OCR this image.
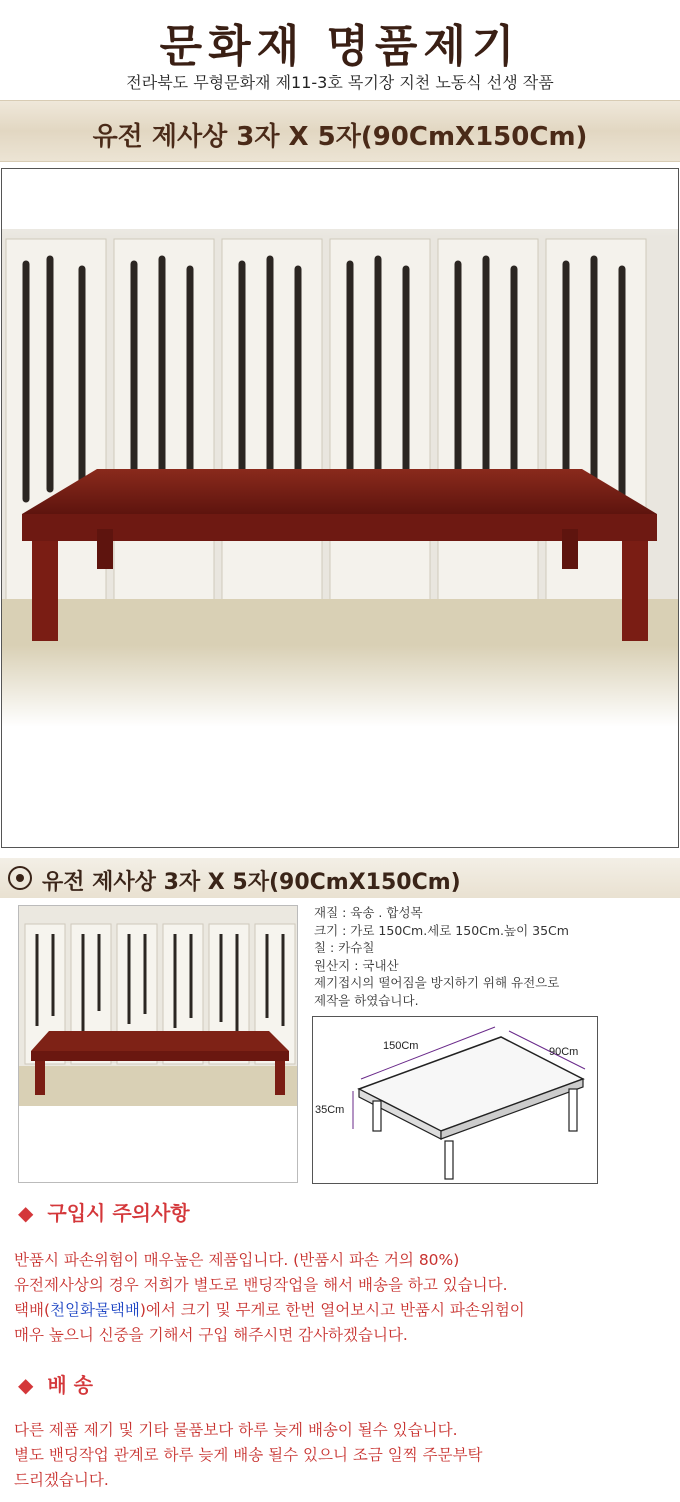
문화재 명품제기
전라북도 무형문화재 제11-3호 목기장 지천 노동식 선생 작품
유전 제사상 3자 X 5자(90CmX150Cm)
유전 제사상 3자 X 5자(90CmX150Cm)
재질 : 육송 . 합성목
크기 : 가로 150Cm.세로 150Cm.높이 35Cm
칠 : 카슈칠
원산지 : 국내산
제기접시의 떨어짐을 방지하기 위해 유전으로
제작을 하였습니다.
150Cm	90Cm
35Cm
◆ 구입시 주의사항
반품시 파손위험이 매우높은 제품입니다. (반품시 파손 거의 80%)
유전제사상의 경우 저희가 별도로 밴딩작업을 해서 배송을 하고 있습니다.
택배(천일화물택배)에서 크기 및 무게로 한번 열어보시고 반품시 파손위험이
매우 높으니 신중을 기해서 구입 해주시면 감사하겠습니다.
◆ 배 송
다른 제품 제기 및 기타 물품보다 하루 늦게 배송이 될수 있습니다.
별도 밴딩작업 관계로 하루 늦게 배송 될수 있으니 조금 일찍 주문부탁
드리겠습니다.
